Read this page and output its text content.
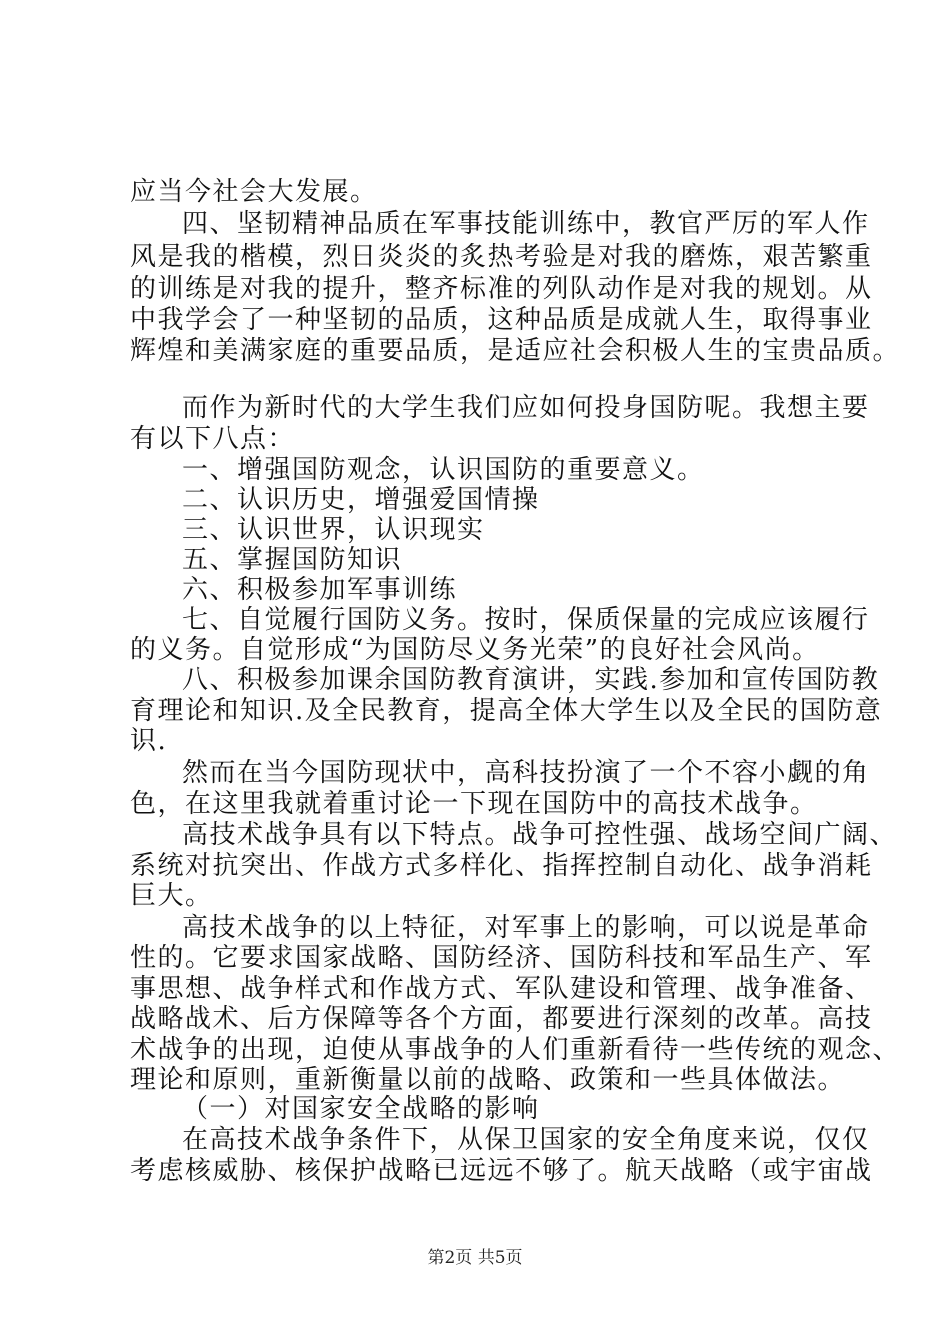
应当今社会大发展。
四、坚韧精神品质在军事技能训练中，教官严厉的军人作
风是我的楷模，烈日炎炎的炙热考验是对我的磨炼，艰苦繁重
的训练是对我的提升，整齐标准的列队动作是对我的规划。从
中我学会了一种坚韧的品质，这种品质是成就人生，取得事业
辉煌和美满家庭的重要品质，是适应社会积极人生的宝贵品质。
而作为新时代的大学生我们应如何投身国防呢。我想主要
有以下八点：
一、增强国防观念，认识国防的重要意义。
二、认识历史，增强爱国情操
三、认识世界，认识现实
五、掌握国防知识
六、积极参加军事训练
七、自觉履行国防义务。按时，保质保量的完成应该履行
的义务。自觉形成“为国防尽义务光荣”的良好社会风尚。
八、积极参加课余国防教育演讲，实践.参加和宣传国防教
育理论和知识.及全民教育，提高全体大学生以及全民的国防意
识.
然而在当今国防现状中，高科技扮演了一个不容小觑的角
色，在这里我就着重讨论一下现在国防中的高技术战争。
高技术战争具有以下特点。战争可控性强、战场空间广阔、
系统对抗突出、作战方式多样化、指挥控制自动化、战争消耗
巨大。
高技术战争的以上特征，对军事上的影响，可以说是革命
性的。它要求国家战略、国防经济、国防科技和军品生产、军
事思想、战争样式和作战方式、军队建设和管理、战争准备、
战略战术、后方保障等各个方面，都要进行深刻的改革。高技
术战争的出现，迫使从事战争的人们重新看待一些传统的观念、
理论和原则，重新衡量以前的战略、政策和一些具体做法。
（一）对国家安全战略的影响
在高技术战争条件下，从保卫国家的安全角度来说，仅仅
考虑核威胁、核保护战略已远远不够了。航天战略（或宇宙战
第2页 共5页
